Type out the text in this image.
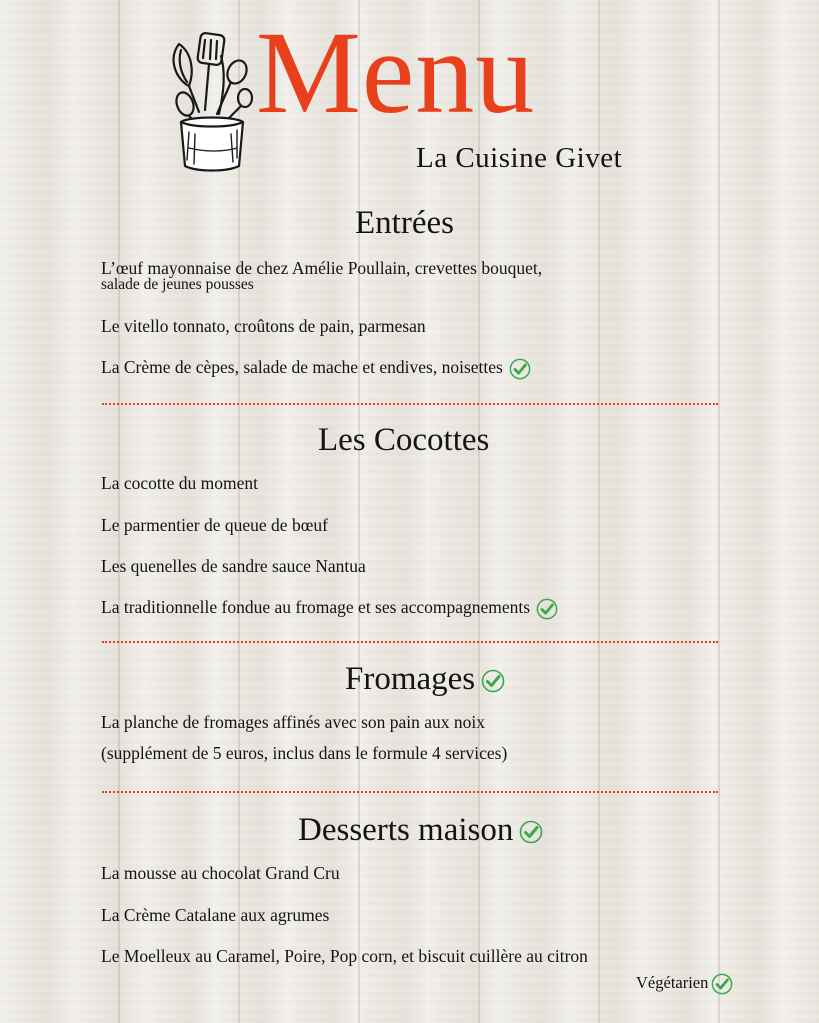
Menu
La Cuisine Givet
Entrées
L’œuf mayonnaise de chez Amélie Poullain, crevettes bouquet,
salade de jeunes pousses
Le vitello tonnato, croûtons de pain, parmesan
La Crème de cèpes, salade de mache et endives, noisettes
Les Cocottes
La cocotte du moment
Le parmentier de queue de bœuf
Les quenelles de sandre sauce Nantua
La traditionnelle fondue au fromage et ses accompagnements
Fromages
La planche de fromages affinés avec son pain aux noix
(supplément de 5 euros, inclus dans le formule 4 services)
Desserts maison
La mousse au chocolat Grand Cru
La Crème Catalane aux agrumes
Le Moelleux au Caramel, Poire, Pop corn, et biscuit cuillère au citron
Végétarien
